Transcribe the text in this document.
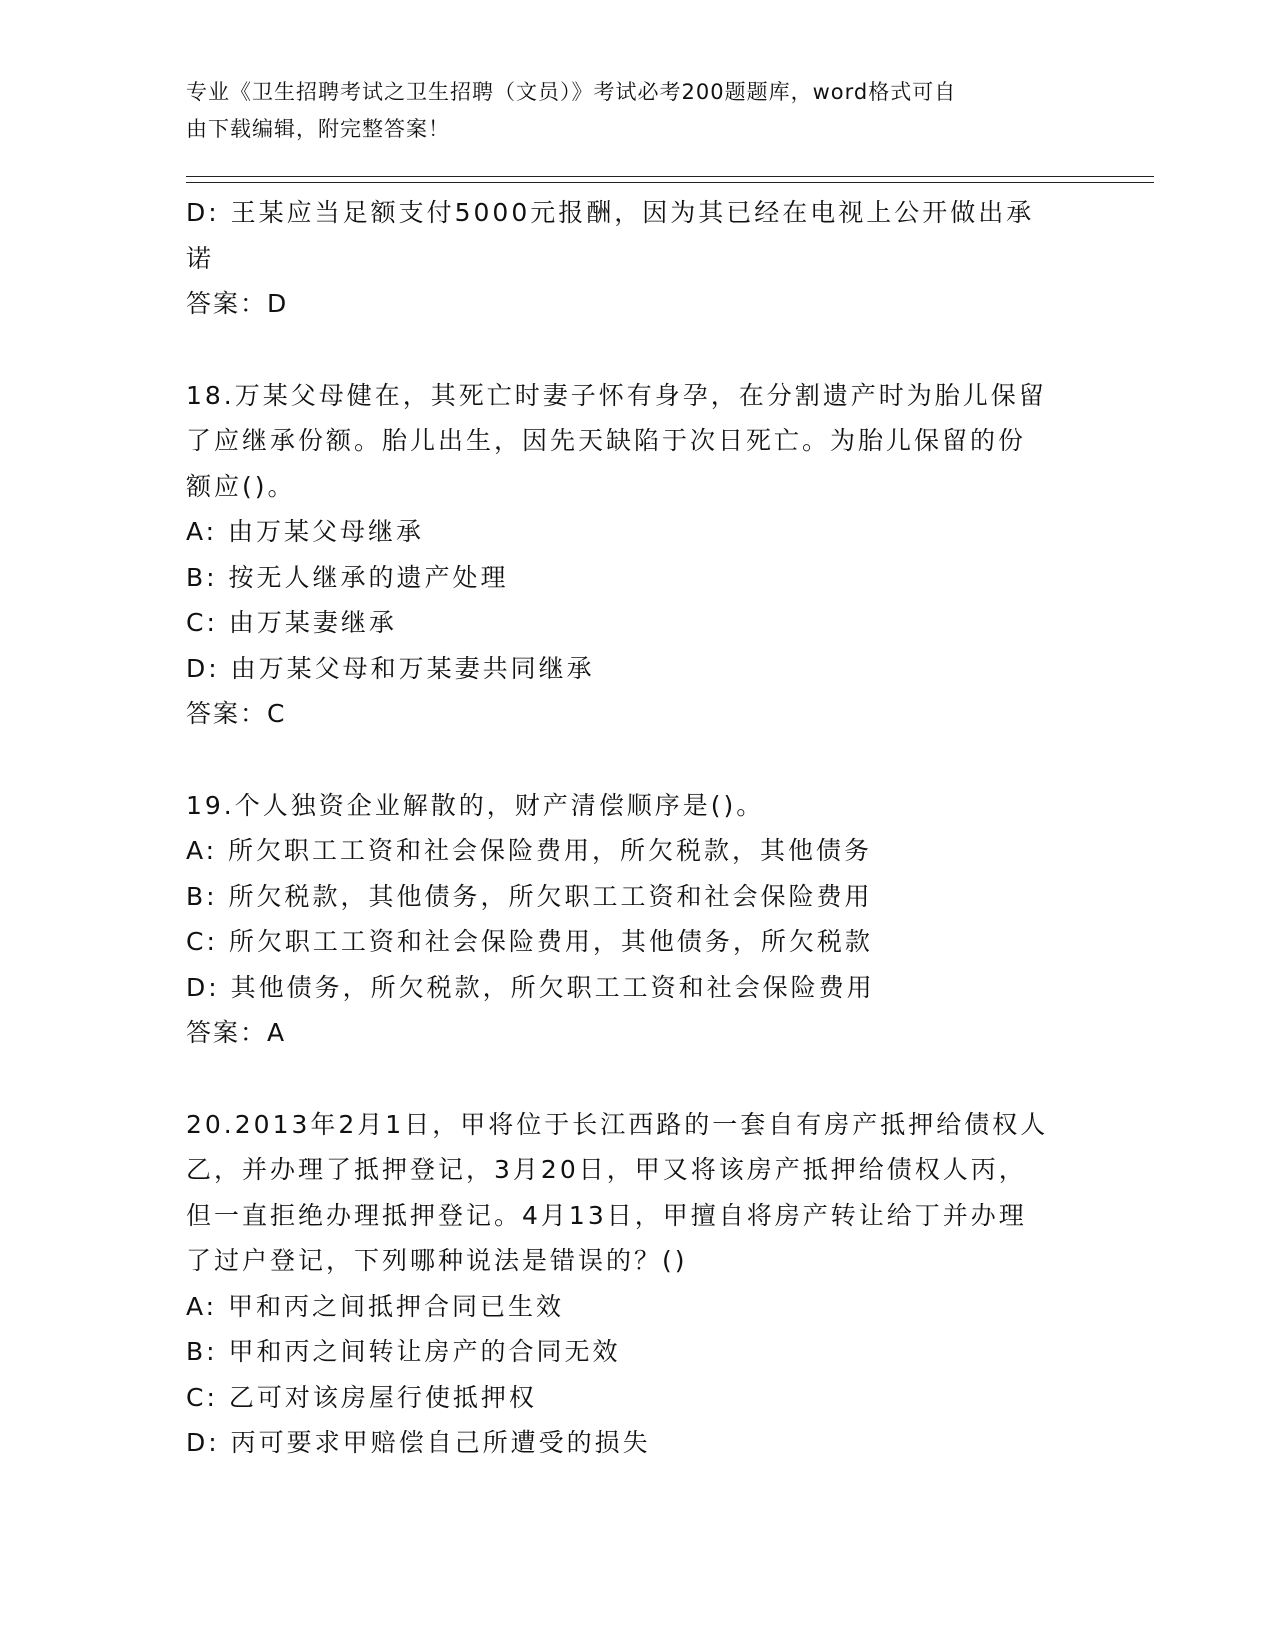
专业《卫生招聘考试之卫生招聘（文员）》考试必考200题题库，word格式可自
由下载编辑，附完整答案！
D: 王某应当足额支付5000元报酬，因为其已经在电视上公开做出承
诺
答案：D
18.万某父母健在，其死亡时妻子怀有身孕，在分割遗产时为胎儿保留
了应继承份额。胎儿出生，因先天缺陷于次日死亡。为胎儿保留的份
额应()。
A: 由万某父母继承
B: 按无人继承的遗产处理
C: 由万某妻继承
D: 由万某父母和万某妻共同继承
答案：C
19.个人独资企业解散的，财产清偿顺序是()。
A: 所欠职工工资和社会保险费用，所欠税款，其他债务
B: 所欠税款，其他债务，所欠职工工资和社会保险费用
C: 所欠职工工资和社会保险费用，其他债务，所欠税款
D: 其他债务，所欠税款，所欠职工工资和社会保险费用
答案：A
20.2013年2月1日，甲将位于长江西路的一套自有房产抵押给债权人
乙，并办理了抵押登记，3月20日，甲又将该房产抵押给债权人丙，
但一直拒绝办理抵押登记。4月13日，甲擅自将房产转让给丁并办理
了过户登记，下列哪种说法是错误的？()
A: 甲和丙之间抵押合同已生效
B: 甲和丙之间转让房产的合同无效
C: 乙可对该房屋行使抵押权
D: 丙可要求甲赔偿自己所遭受的损失
